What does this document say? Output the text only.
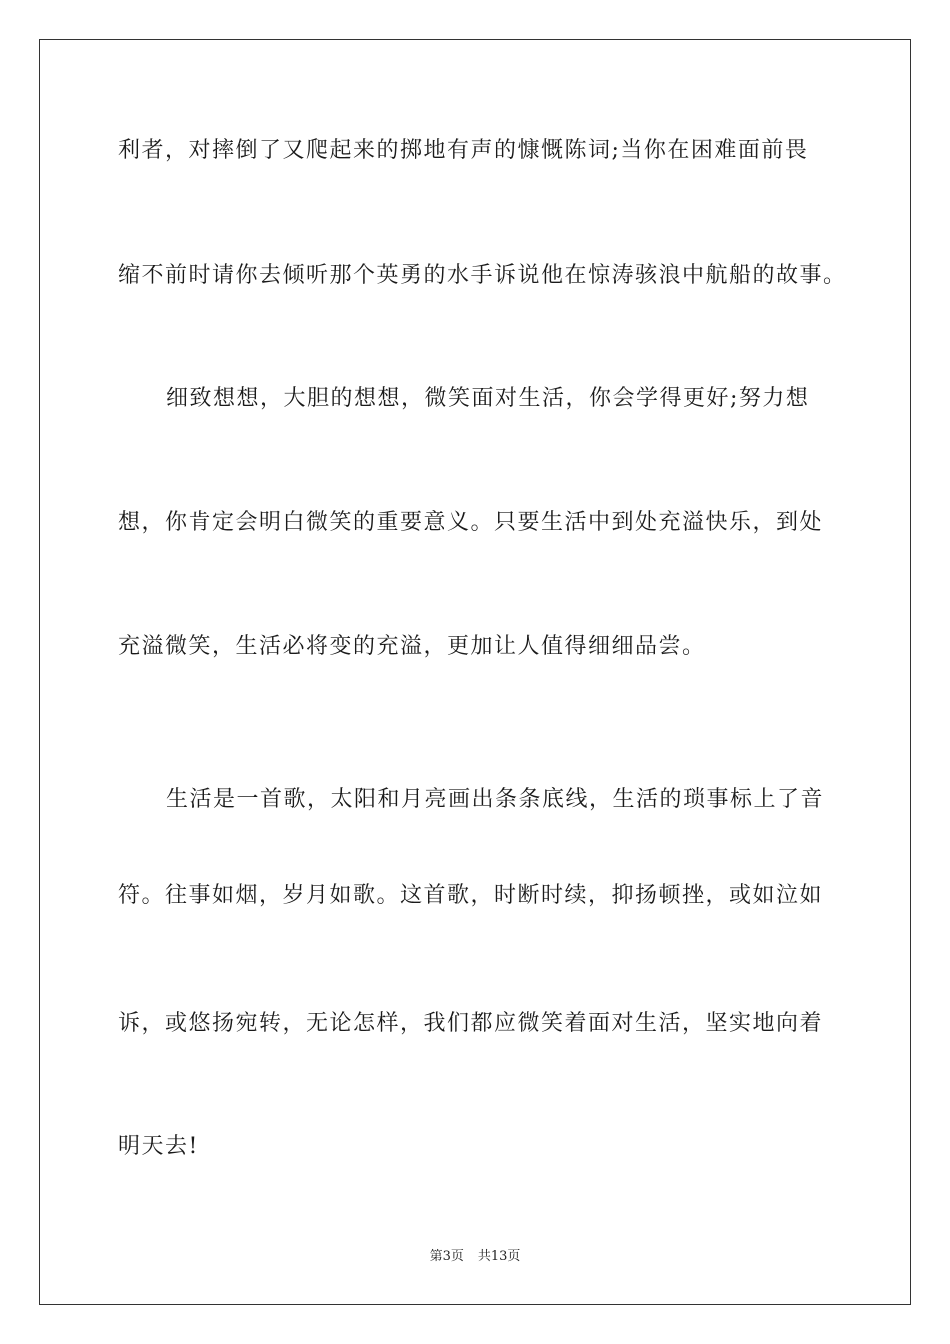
利者，对摔倒了又爬起来的掷地有声的慷慨陈词;当你在困难面前畏
缩不前时请你去倾听那个英勇的水手诉说他在惊涛骇浪中航船的故事。
细致想想，大胆的想想，微笑面对生活，你会学得更好;努力想
想，你肯定会明白微笑的重要意义。只要生活中到处充溢快乐，到处
充溢微笑，生活必将变的充溢，更加让人值得细细品尝。
生活是一首歌，太阳和月亮画出条条底线，生活的琐事标上了音
符。往事如烟，岁月如歌。这首歌，时断时续，抑扬顿挫，或如泣如
诉，或悠扬宛转，无论怎样，我们都应微笑着面对生活，坚实地向着
明天去!
第3页 共13页
